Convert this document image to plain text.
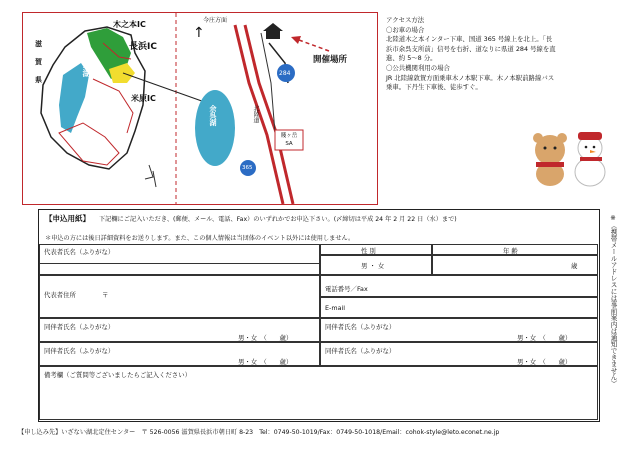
滋
賀
県
木之本IC
長浜IC
米原IC
びわ湖
↑
今庄方面
開催場所
284
余呉湖	北陸道
賤ヶ岳
SA
365
アクセス方法
〇お車の場合
北陸道木之本インター下車、国道 365 号線上を北上。「長
浜市余呉支所前」信号を右折、道なりに県道 284 号線を直
進、約 5～8 分。
〇公共機関利用の場合
JR 北陸線敦賀方面乗車木ノ本駅下車。木ノ本駅前路線バス
乗車。下丹生下車後、徒歩すぐ。
【申込用紙】 下記欄にご記入いただき、(郵便、メール、電話、Fax）のいずれかでお申込下さい。(〆締切は平成 24 年 2 月 22 日（水）まで)
＊申込の方には後日詳細資料をお送りします。また、この個人情報は当団体のイベント以外には使用しません。
代表者氏名（ふりがな）	性 別	年 齢
男 ・ 女	歳
代表者住所	〒
電話番号／Fax
E-mail
同伴者氏名（ふりがな）
男・女　（　　歳）
同伴者氏名（ふりがな）
男・女　（　　歳）
同伴者氏名（ふりがな）
男・女　（　　歳）
同伴者氏名（ふりがな）
男・女　（　　歳）
備考欄（ご質問等ございましたらご記入ください）	※（携帯メールアドレスには事前案内は通知できません）
【申し込み先】いざない湖北定住センター　〒 526-0056 滋賀県長浜市朝日町 8-23　Tel：0749-50-1019/Fax：0749-50-1018/Email：cohok-style@leto.econet.ne.jp
